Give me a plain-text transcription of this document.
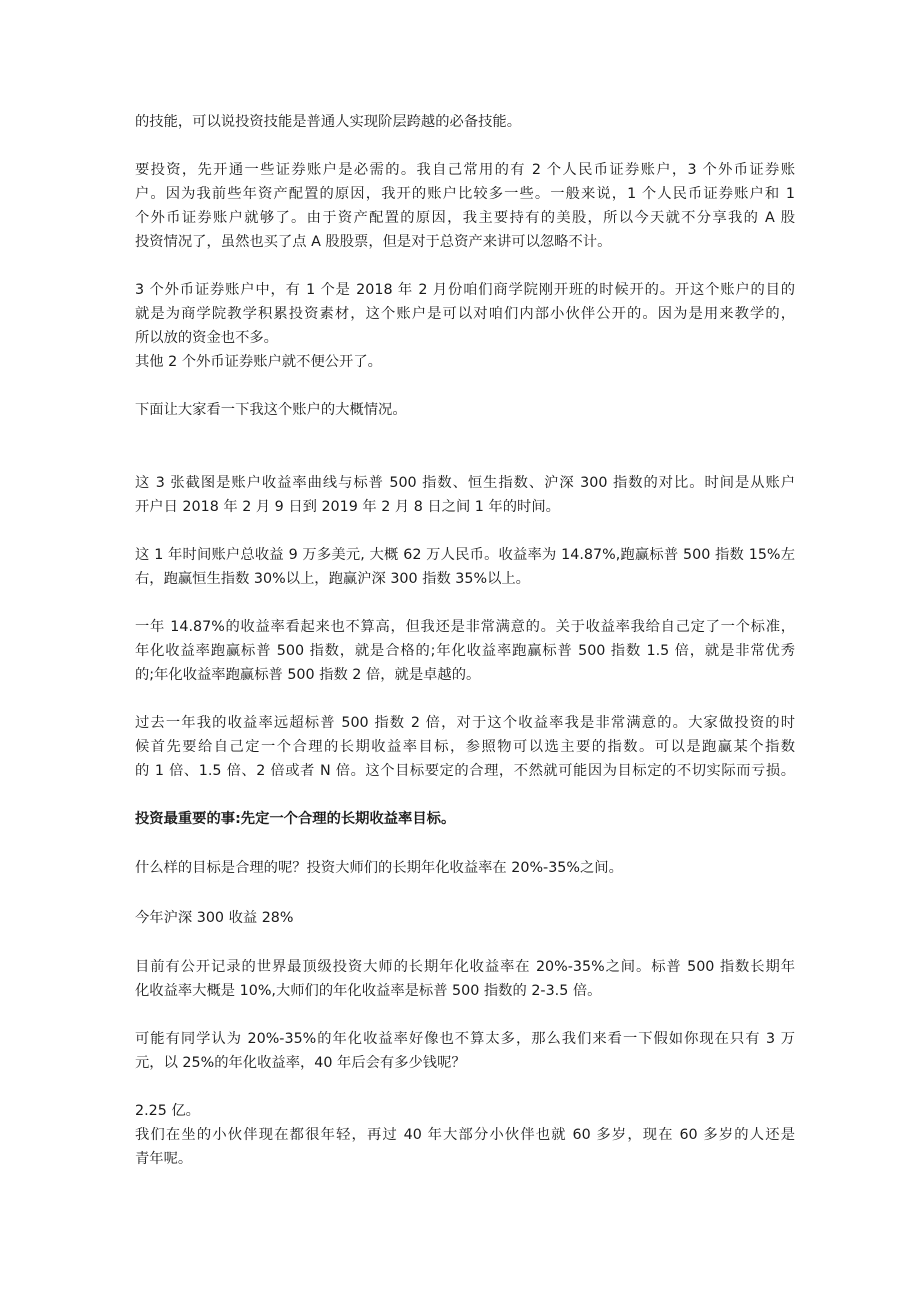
的技能，可以说投资技能是普通人实现阶层跨越的必备技能。
要投资，先开通一些证券账户是必需的。我自己常用的有 2 个人民币证券账户，3 个外币证券账
户。因为我前些年资产配置的原因，我开的账户比较多一些。一般来说，1 个人民币证券账户和 1
个外币证券账户就够了。由于资产配置的原因，我主要持有的美股，所以今天就不分享我的 A 股
投资情况了，虽然也买了点 A 股股票，但是对于总资产来讲可以忽略不计。
3 个外币证券账户中，有 1 个是 2018 年 2 月份咱们商学院刚开班的时候开的。开这个账户的目的
就是为商学院教学积累投资素材，这个账户是可以对咱们内部小伙伴公开的。因为是用来教学的，
所以放的资金也不多。
其他 2 个外币证券账户就不便公开了。
下面让大家看一下我这个账户的大概情况。
这 3 张截图是账户收益率曲线与标普 500 指数、恒生指数、沪深 300 指数的对比。时间是从账户
开户日 2018 年 2 月 9 日到 2019 年 2 月 8 日之间 1 年的时间。
这 1 年时间账户总收益 9 万多美元, 大概 62 万人民币。收益率为 14.87%,跑赢标普 500 指数 15%左
右，跑赢恒生指数 30%以上，跑赢沪深 300 指数 35%以上。
一年 14.87%的收益率看起来也不算高，但我还是非常满意的。关于收益率我给自己定了一个标准，
年化收益率跑赢标普 500 指数，就是合格的;年化收益率跑赢标普 500 指数 1.5 倍，就是非常优秀
的;年化收益率跑赢标普 500 指数 2 倍，就是卓越的。
过去一年我的收益率远超标普 500 指数 2 倍，对于这个收益率我是非常满意的。大家做投资的时
候首先要给自己定一个合理的长期收益率目标，参照物可以选主要的指数。可以是跑赢某个指数
的 1 倍、1.5 倍、2 倍或者 N 倍。这个目标要定的合理，不然就可能因为目标定的不切实际而亏损。
投资最重要的事:先定一个合理的长期收益率目标。
什么样的目标是合理的呢？投资大师们的长期年化收益率在 20%-35%之间。
今年沪深 300 收益 28%
目前有公开记录的世界最顶级投资大师的长期年化收益率在 20%-35%之间。标普 500 指数长期年
化收益率大概是 10%,大师们的年化收益率是标普 500 指数的 2-3.5 倍。
可能有同学认为 20%-35%的年化收益率好像也不算太多，那么我们来看一下假如你现在只有 3 万
元，以 25%的年化收益率，40 年后会有多少钱呢？
2.25 亿。
我们在坐的小伙伴现在都很年轻，再过 40 年大部分小伙伴也就 60 多岁，现在 60 多岁的人还是
青年呢。
